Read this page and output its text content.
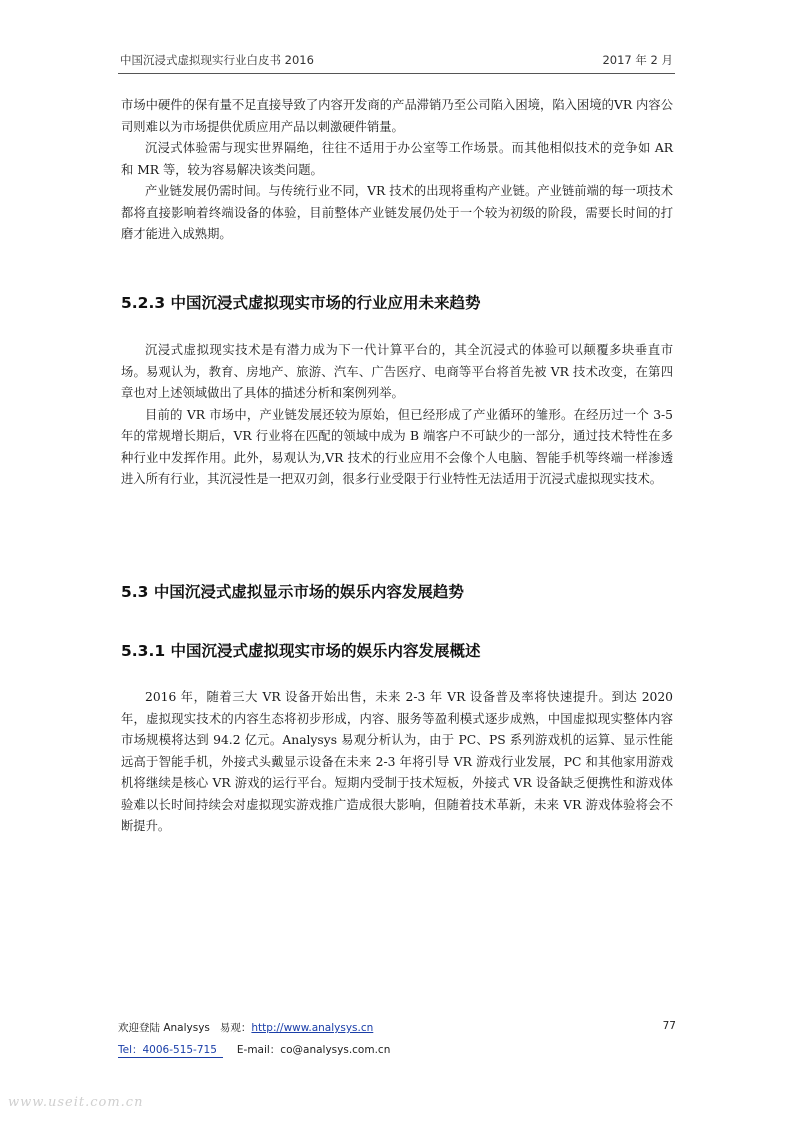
中国沉浸式虚拟现实行业白皮书 2016	2017 年 2 月

市场中硬件的保有量不足直接导致了内容开发商的产品滞销乃至公司陷入困境，陷入困境的VR 内容公司则难以为市场提供优质应用产品以刺激硬件销量。

沉浸式体验需与现实世界隔绝，往往不适用于办公室等工作场景。而其他相似技术的竞争如 AR 和 MR 等，较为容易解决该类问题。

产业链发展仍需时间。与传统行业不同，VR 技术的出现将重构产业链。产业链前端的每一项技术都将直接影响着终端设备的体验，目前整体产业链发展仍处于一个较为初级的阶段，需要长时间的打磨才能进入成熟期。

5.2.3 中国沉浸式虚拟现实市场的行业应用未来趋势

沉浸式虚拟现实技术是有潜力成为下一代计算平台的，其全沉浸式的体验可以颠覆多块垂直市场。易观认为，教育、房地产、旅游、汽车、广告医疗、电商等平台将首先被 VR 技术改变，在第四章也对上述领域做出了具体的描述分析和案例列举。

目前的 VR 市场中，产业链发展还较为原始，但已经形成了产业循环的雏形。在经历过一个 3-5 年的常规增长期后，VR 行业将在匹配的领域中成为 B 端客户不可缺少的一部分，通过技术特性在多种行业中发挥作用。此外，易观认为,VR 技术的行业应用不会像个人电脑、智能手机等终端一样渗透进入所有行业，其沉浸性是一把双刃剑，很多行业受限于行业特性无法适用于沉浸式虚拟现实技术。

5.3 中国沉浸式虚拟显示市场的娱乐内容发展趋势
5.3.1 中国沉浸式虚拟现实市场的娱乐内容发展概述

2016 年，随着三大 VR 设备开始出售，未来 2-3 年 VR 设备普及率将快速提升。到达 2020 年，虚拟现实技术的内容生态将初步形成，内容、服务等盈利模式逐步成熟，中国虚拟现实整体内容市场规模将达到 94.2 亿元。Analysys 易观分析认为，由于 PC、PS 系列游戏机的运算、显示性能远高于智能手机，外接式头戴显示设备在未来 2-3 年将引导 VR 游戏行业发展，PC 和其他家用游戏机将继续是核心 VR 游戏的运行平台。短期内受制于技术短板，外接式 VR 设备缺乏便携性和游戏体验难以长时间持续会对虚拟现实游戏推广造成很大影响，但随着技术革新，未来 VR 游戏体验将会不断提升。

欢迎登陆 Analysys 易观：http://www.analysys.cn	77
Tel：4006-515-715 E-mail：co@analysys.com.cn
www.useit.com.cn
